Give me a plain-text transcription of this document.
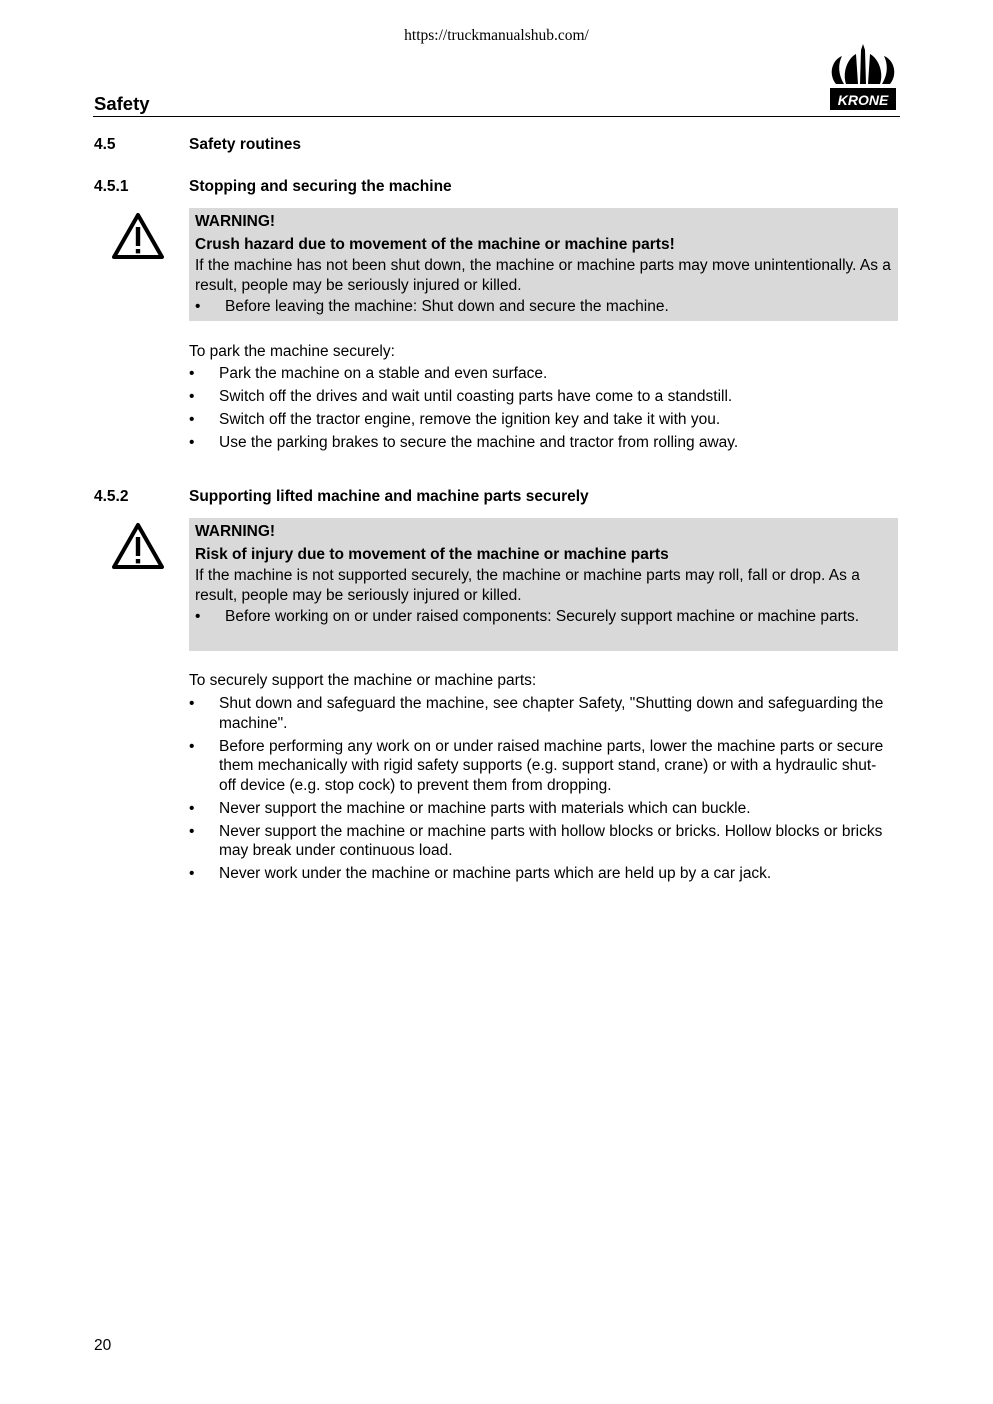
https://truckmanualshub.com/
Safety	KRONE
4.5	Safety routines
4.5.1	Stopping and securing the machine
WARNING!
Crush hazard due to movement of the machine or machine parts!
If the machine has not been shut down, the machine or machine parts may move unintentionally. As a result, people may be seriously injured or killed.
• Before leaving the machine: Shut down and secure the machine.
To park the machine securely:
• Park the machine on a stable and even surface.
• Switch off the drives and wait until coasting parts have come to a standstill.
• Switch off the tractor engine, remove the ignition key and take it with you.
• Use the parking brakes to secure the machine and tractor from rolling away.
4.5.2	Supporting lifted machine and machine parts securely
WARNING!
Risk of injury due to movement of the machine or machine parts
If the machine is not supported securely, the machine or machine parts may roll, fall or drop. As a result, people may be seriously injured or killed.
• Before working on or under raised components: Securely support machine or machine parts.
To securely support the machine or machine parts:
• Shut down and safeguard the machine, see chapter Safety, "Shutting down and safeguarding the machine".
• Before performing any work on or under raised machine parts, lower the machine parts or secure them mechanically with rigid safety supports (e.g. support stand, crane) or with a hydraulic shut-off device (e.g. stop cock) to prevent them from dropping.
• Never support the machine or machine parts with materials which can buckle.
• Never support the machine or machine parts with hollow blocks or bricks. Hollow blocks or bricks may break under continuous load.
• Never work under the machine or machine parts which are held up by a car jack.
20
